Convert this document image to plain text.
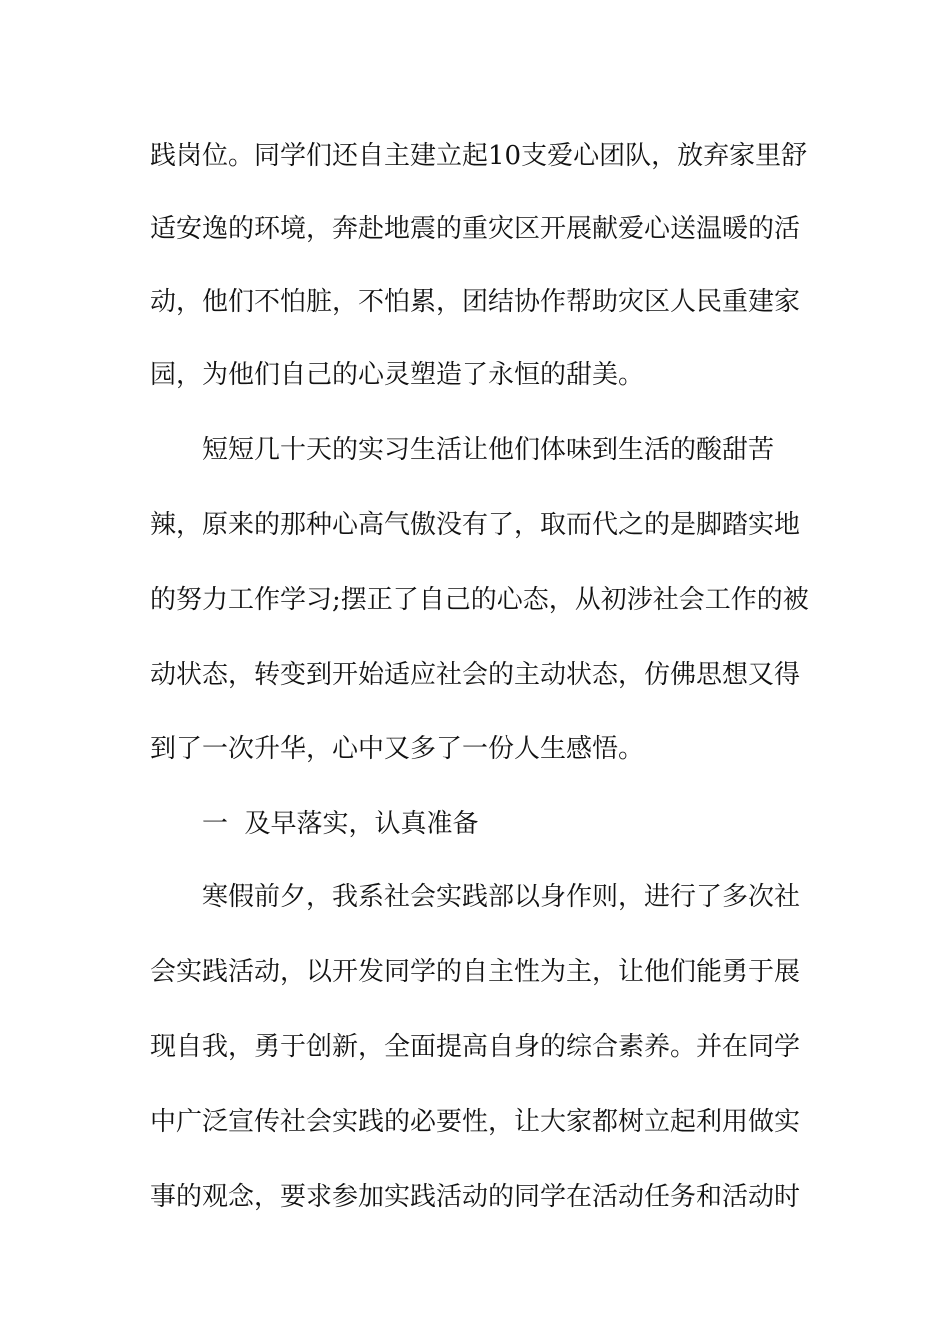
践岗位。同学们还自主建立起10支爱心团队，放弃家里舒
适安逸的环境，奔赴地震的重灾区开展献爱心送温暖的活
动，他们不怕脏，不怕累，团结协作帮助灾区人民重建家
园，为他们自己的心灵塑造了永恒的甜美。
短短几十天的实习生活让他们体味到生活的酸甜苦
辣，原来的那种心高气傲没有了，取而代之的是脚踏实地
的努力工作学习;摆正了自己的心态，从初涉社会工作的被
动状态，转变到开始适应社会的主动状态，仿佛思想又得
到了一次升华，心中又多了一份人生感悟。
一  及早落实，认真准备
寒假前夕，我系社会实践部以身作则，进行了多次社
会实践活动，以开发同学的自主性为主，让他们能勇于展
现自我，勇于创新，全面提高自身的综合素养。并在同学
中广泛宣传社会实践的必要性，让大家都树立起利用做实
事的观念，要求参加实践活动的同学在活动任务和活动时
